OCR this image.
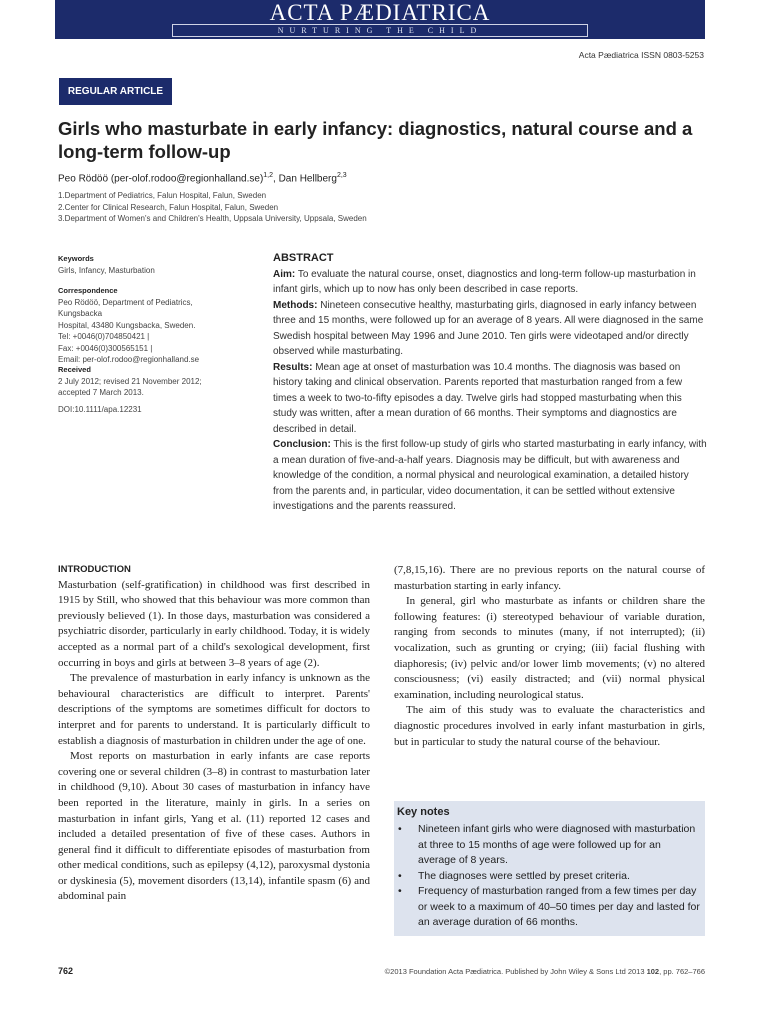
ACTA PÆDIATRICA
NURTURING THE CHILD
Acta Pædiatrica ISSN 0803-5253
REGULAR ARTICLE
Girls who masturbate in early infancy: diagnostics, natural course and a long-term follow-up
Peo Rödöö (per-olof.rodoo@regionhalland.se)$^{1,2}$, Dan Hellberg$^{2,3}$
1.Department of Pediatrics, Falun Hospital, Falun, Sweden
2.Center for Clinical Research, Falun Hospital, Falun, Sweden
3.Department of Women's and Children's Health, Uppsala University, Uppsala, Sweden
Keywords
Girls, Infancy, Masturbation
Correspondence
Peo Rödöö, Department of Pediatrics, Kungsbacka
Hospital, 43480 Kungsbacka, Sweden.
Tel: +0046(0)704850421 |
Fax: +0046(0)300565151 |
Email: per-olof.rodoo@regionhalland.se
Received
2 July 2012; revised 21 November 2012;
accepted 7 March 2013.
DOI:10.1111/apa.12231
ABSTRACT
Aim: To evaluate the natural course, onset, diagnostics and long-term follow-up masturbation in infant girls, which up to now has only been described in case reports.
Methods: Nineteen consecutive healthy, masturbating girls, diagnosed in early infancy between three and 15 months, were followed up for an average of 8 years. All were diagnosed in the same Swedish hospital between May 1996 and June 2010. Ten girls were videotaped and/or directly observed while masturbating.
Results: Mean age at onset of masturbation was 10.4 months. The diagnosis was based on history taking and clinical observation. Parents reported that masturbation ranged from a few times a week to two-to-fifty episodes a day. Twelve girls had stopped masturbating when this study was written, after a mean duration of 66 months. Their symptoms and diagnostics are described in detail.
Conclusion: This is the first follow-up study of girls who started masturbating in early infancy, with a mean duration of five-and-a-half years. Diagnosis may be difficult, but with awareness and knowledge of the condition, a normal physical and neurological examination, a detailed history from the parents and, in particular, video documentation, it can be settled without extensive investigations and the parents reassured.
INTRODUCTION

Masturbation (self-gratification) in childhood was first described in 1915 by Still, who showed that this behaviour was more common than previously believed (1). In those days, masturbation was considered a psychiatric disorder, particularly in early childhood. Today, it is widely accepted as a normal part of a child's sexological development, first occurring in boys and girls at between 3–8 years of age (2).

The prevalence of masturbation in early infancy is unknown as the behavioural characteristics are difficult to interpret. Parents' descriptions of the symptoms are sometimes difficult for doctors to interpret and for parents to understand. It is particularly difficult to establish a diagnosis of masturbation in children under the age of one.

Most reports on masturbation in early infants are case reports covering one or several children (3–8) in contrast to masturbation later in childhood (9,10). About 30 cases of masturbation in infancy have been reported in the literature, mainly in girls. In a series on masturbation in infant girls, Yang et al. (11) reported 12 cases and included a detailed presentation of five of these cases. Authors in general find it difficult to differentiate episodes of masturbation from other medical conditions, such as epilepsy (4,12), paroxysmal dystonia or dyskinesia (5), movement disorders (13,14), infantile spasm (6) and abdominal pain

(7,8,15,16). There are no previous reports on the natural course of masturbation starting in early infancy.

In general, girl who masturbate as infants or children share the following features: (i) stereotyped behaviour of variable duration, ranging from seconds to minutes (many, if not interrupted); (ii) vocalization, such as grunting or crying; (iii) facial flushing with diaphoresis; (iv) pelvic and/or lower limb movements; (v) no altered consciousness; (vi) easily distracted; and (vii) normal physical examination, including neurological status.

The aim of this study was to evaluate the characteristics and diagnostic procedures involved in early infant masturbation in girls, but in particular to study the natural course of the behaviour.

Key notes
• Nineteen infant girls who were diagnosed with masturbation at three to 15 months of age were followed up for an average of 8 years.
• The diagnoses were settled by preset criteria.
• Frequency of masturbation ranged from a few times per day or week to a maximum of 40–50 times per day and lasted for an average duration of 66 months.
762	©2013 Foundation Acta Pædiatrica. Published by John Wiley & Sons Ltd 2013 102, pp. 762–766
